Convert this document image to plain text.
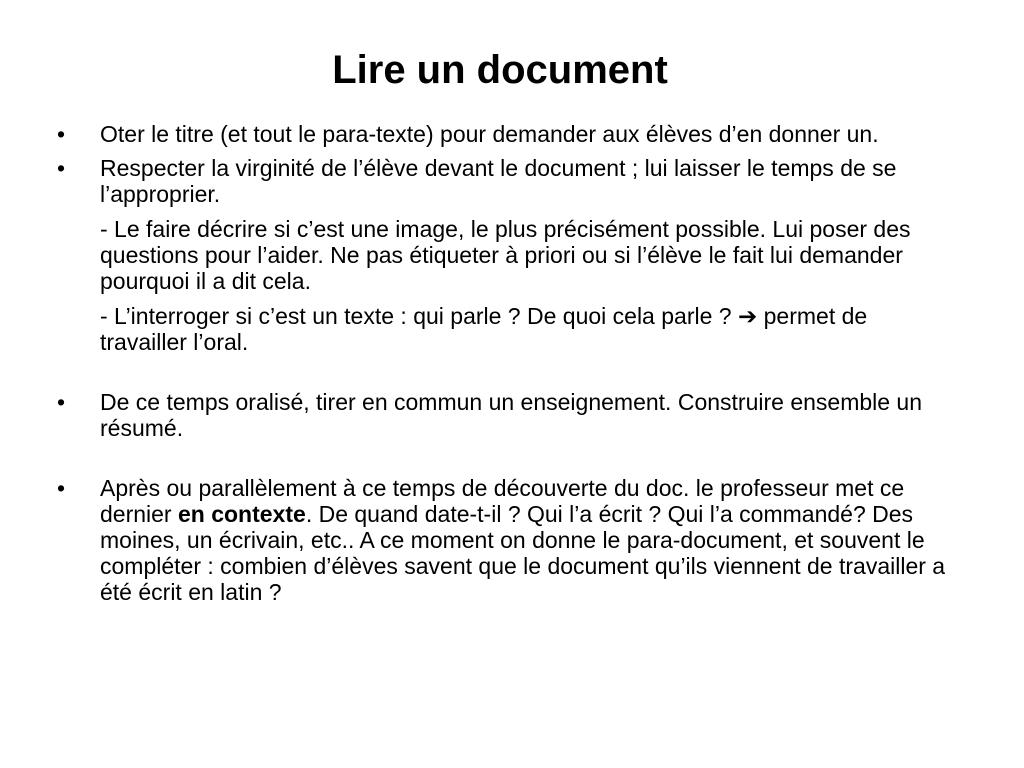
Lire un document
• Oter le titre (et tout le para-texte) pour demander aux élèves d’en donner un.
• Respecter la virginité de l’élève devant le document ; lui laisser le temps de se l’approprier.
- Le faire décrire si c’est une image, le plus précisément possible. Lui poser des questions pour l’aider. Ne pas étiqueter à priori ou si l’élève le fait lui demander pourquoi il a dit cela.
- L’interroger si c’est un texte : qui parle ? De quoi cela parle ? ➔ permet de travailler l’oral.
• De ce temps oralisé, tirer en commun un enseignement. Construire ensemble un résumé.
• Après ou parallèlement à ce temps de découverte du doc. le professeur met ce dernier en contexte. De quand date-t-il ? Qui l’a écrit ? Qui l’a commandé? Des moines, un écrivain, etc.. A ce moment on donne le para-document, et souvent le compléter : combien d’élèves savent que le document qu’ils viennent de travailler a été écrit en latin ?
